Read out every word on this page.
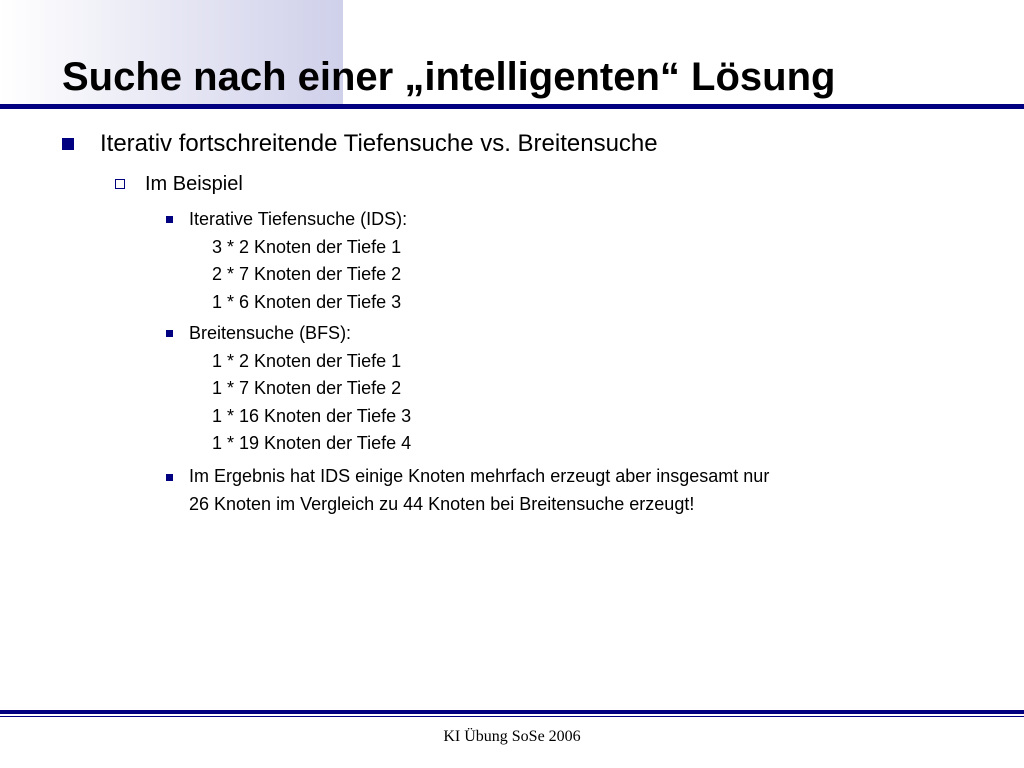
Suche nach einer „intelligenten“ Lösung
Iterativ fortschreitende Tiefensuche vs. Breitensuche
Im Beispiel
Iterative Tiefensuche (IDS):
3 * 2 Knoten der Tiefe 1
2 * 7 Knoten der Tiefe 2
1 * 6 Knoten der Tiefe 3
Breitensuche (BFS):
1 * 2 Knoten der Tiefe 1
1 * 7 Knoten der Tiefe 2
1 * 16 Knoten der Tiefe 3
1 * 19 Knoten der Tiefe 4
Im Ergebnis hat IDS einige Knoten mehrfach erzeugt aber insgesamt nur
26 Knoten im Vergleich zu 44 Knoten bei Breitensuche erzeugt!
KI Übung SoSe 2006
